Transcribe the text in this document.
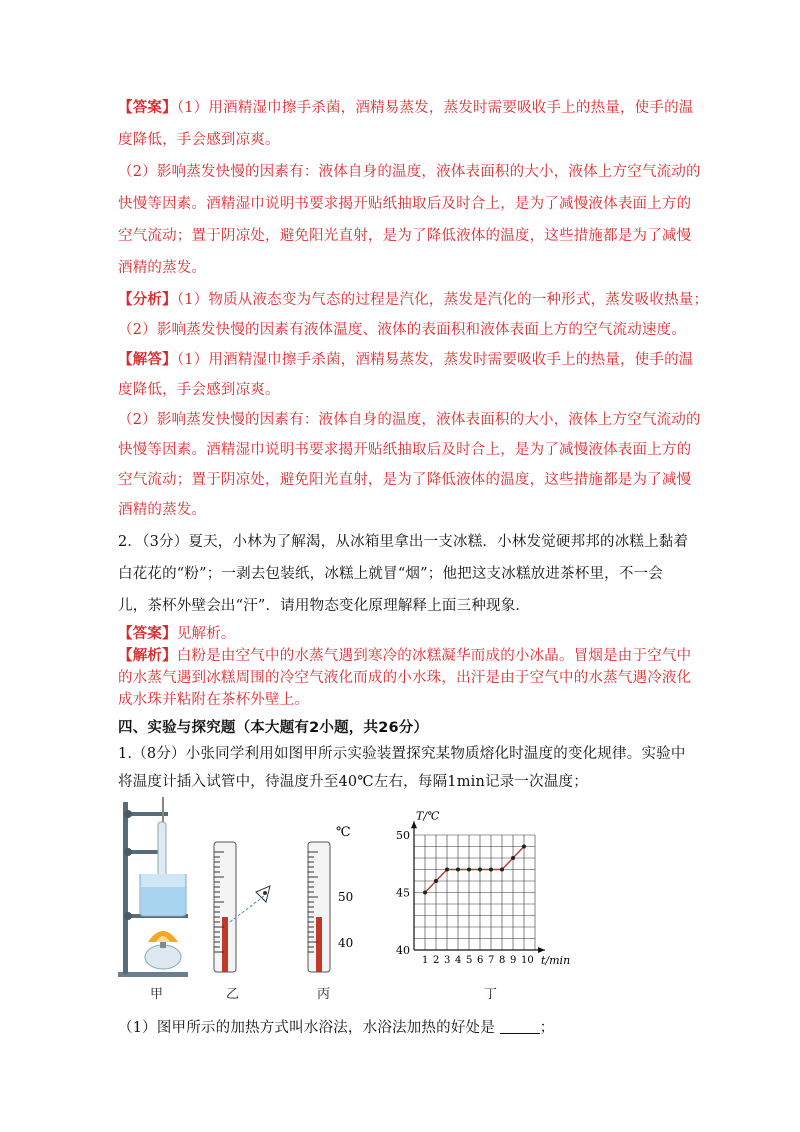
【答案】（1）用酒精湿巾擦手杀菌，酒精易蒸发，蒸发时需要吸收手上的热量，使手的温
度降低，手会感到凉爽。
（2）影响蒸发快慢的因素有：液体自身的温度，液体表面积的大小，液体上方空气流动的
快慢等因素。酒精湿巾说明书要求揭开贴纸抽取后及时合上，是为了减慢液体表面上方的
空气流动；置于阴凉处，避免阳光直射，是为了降低液体的温度，这些措施都是为了减慢
酒精的蒸发。
【分析】（1）物质从液态变为气态的过程是汽化，蒸发是汽化的一种形式，蒸发吸收热量；
（2）影响蒸发快慢的因素有液体温度、液体的表面积和液体表面上方的空气流动速度。
【解答】（1）用酒精湿巾擦手杀菌，酒精易蒸发，蒸发时需要吸收手上的热量，使手的温
度降低，手会感到凉爽。
（2）影响蒸发快慢的因素有：液体自身的温度，液体表面积的大小，液体上方空气流动的
快慢等因素。酒精湿巾说明书要求揭开贴纸抽取后及时合上，是为了减慢液体表面上方的
空气流动；置于阴凉处，避免阳光直射，是为了降低液体的温度，这些措施都是为了减慢
酒精的蒸发。
2．（3分）夏天，小林为了解渴，从冰箱里拿出一支冰糕．小林发觉硬邦邦的冰糕上黏着
白花花的“粉”；一剥去包装纸，冰糕上就冒“烟”；他把这支冰糕放进茶杯里，不一会
儿，茶杯外壁会出“汗”．请用物态变化原理解释上面三种现象．
【答案】见解析。
【解析】白粉是由空气中的水蒸气遇到寒冷的冰糕凝华而成的小冰晶。冒烟是由于空气中
的水蒸气遇到冰糕周围的冷空气液化而成的小水珠，出汗是由于空气中的水蒸气遇冷液化
成水珠并粘附在茶杯外壁上。
四、实验与探究题（本大题有2小题，共26分）
1.（8分）小张同学利用如图甲所示实验装置探究某物质熔化时温度的变化规律。实验中
将温度计插入试管中，待温度升至40℃左右，每隔1min记录一次温度；
℃
50
40
40
45
50
1 2 3 4 5 6 7 8 9 10
T/℃
t/min
甲	乙	丙	丁
（1）图甲所示的加热方式叫水浴法，水浴法加热的好处是	；
